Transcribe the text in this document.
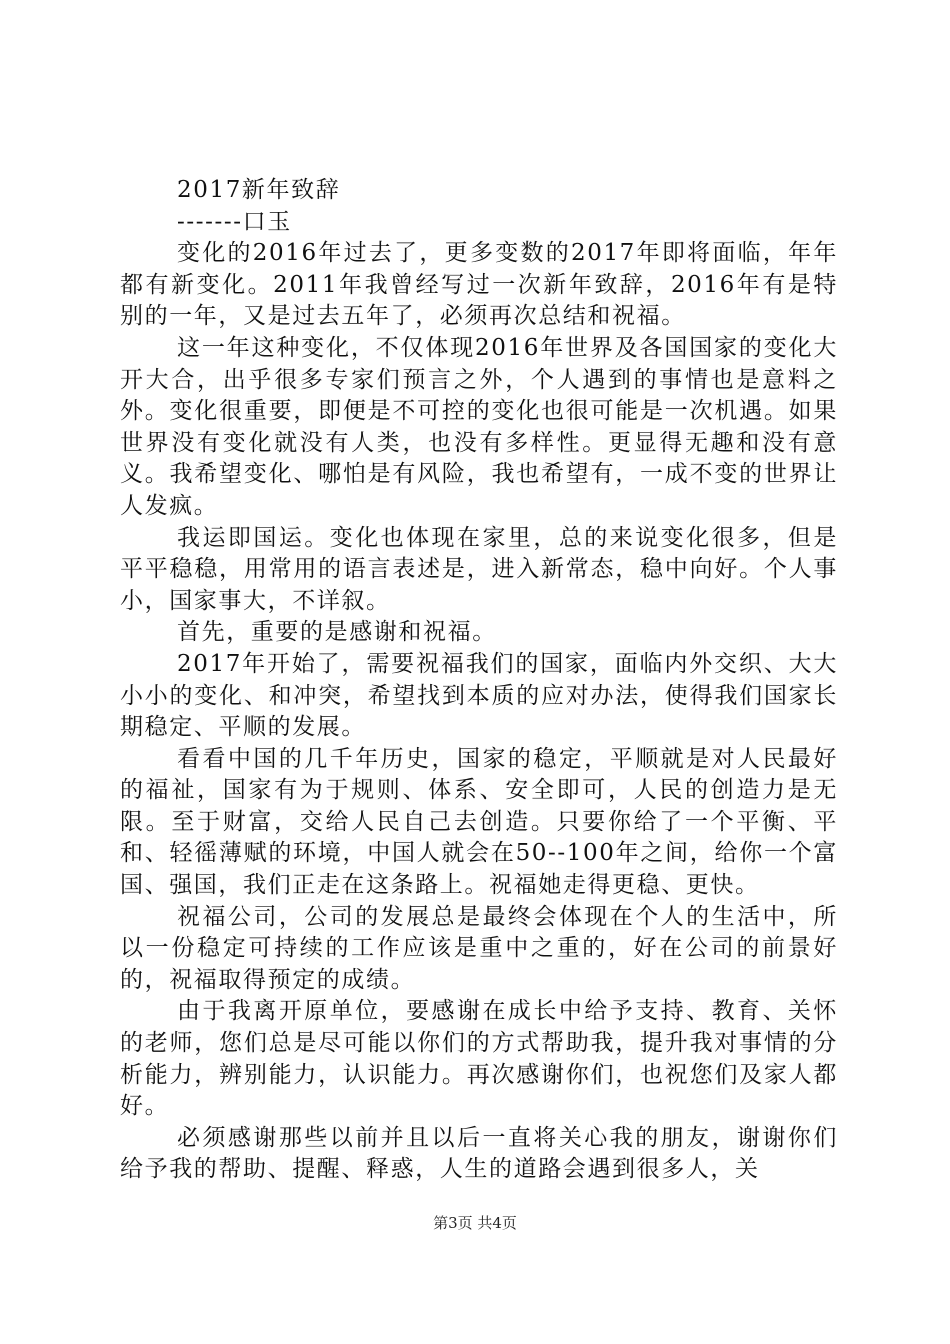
2017新年致辞

-------口玉

变化的2016年过去了，更多变数的2017年即将面临，年年都有新变化。2011年我曾经写过一次新年致辞，2016年有是特别的一年，又是过去五年了，必须再次总结和祝福。

这一年这种变化，不仅体现2016年世界及各国国家的变化大开大合，出乎很多专家们预言之外，个人遇到的事情也是意料之外。变化很重要，即便是不可控的变化也很可能是一次机遇。如果世界没有变化就没有人类，也没有多样性。更显得无趣和没有意义。我希望变化、哪怕是有风险，我也希望有，一成不变的世界让人发疯。

我运即国运。变化也体现在家里，总的来说变化很多，但是平平稳稳，用常用的语言表述是，进入新常态，稳中向好。个人事小，国家事大，不详叙。

首先，重要的是感谢和祝福。

2017年开始了，需要祝福我们的国家，面临内外交织、大大小小的变化、和冲突，希望找到本质的应对办法，使得我们国家长期稳定、平顺的发展。

看看中国的几千年历史，国家的稳定，平顺就是对人民最好的福祉，国家有为于规则、体系、安全即可，人民的创造力是无限。至于财富，交给人民自己去创造。只要你给了一个平衡、平和、轻徭薄赋的环境，中国人就会在50--100年之间，给你一个富国、强国，我们正走在这条路上。祝福她走得更稳、更快。

祝福公司，公司的发展总是最终会体现在个人的生活中，所以一份稳定可持续的工作应该是重中之重的，好在公司的前景好的，祝福取得预定的成绩。

由于我离开原单位，要感谢在成长中给予支持、教育、关怀的老师，您们总是尽可能以你们的方式帮助我，提升我对事情的分析能力，辨别能力，认识能力。再次感谢你们，也祝您们及家人都好。

必须感谢那些以前并且以后一直将关心我的朋友，谢谢你们给予我的帮助、提醒、释惑，人生的道路会遇到很多人，关

第3页 共4页
